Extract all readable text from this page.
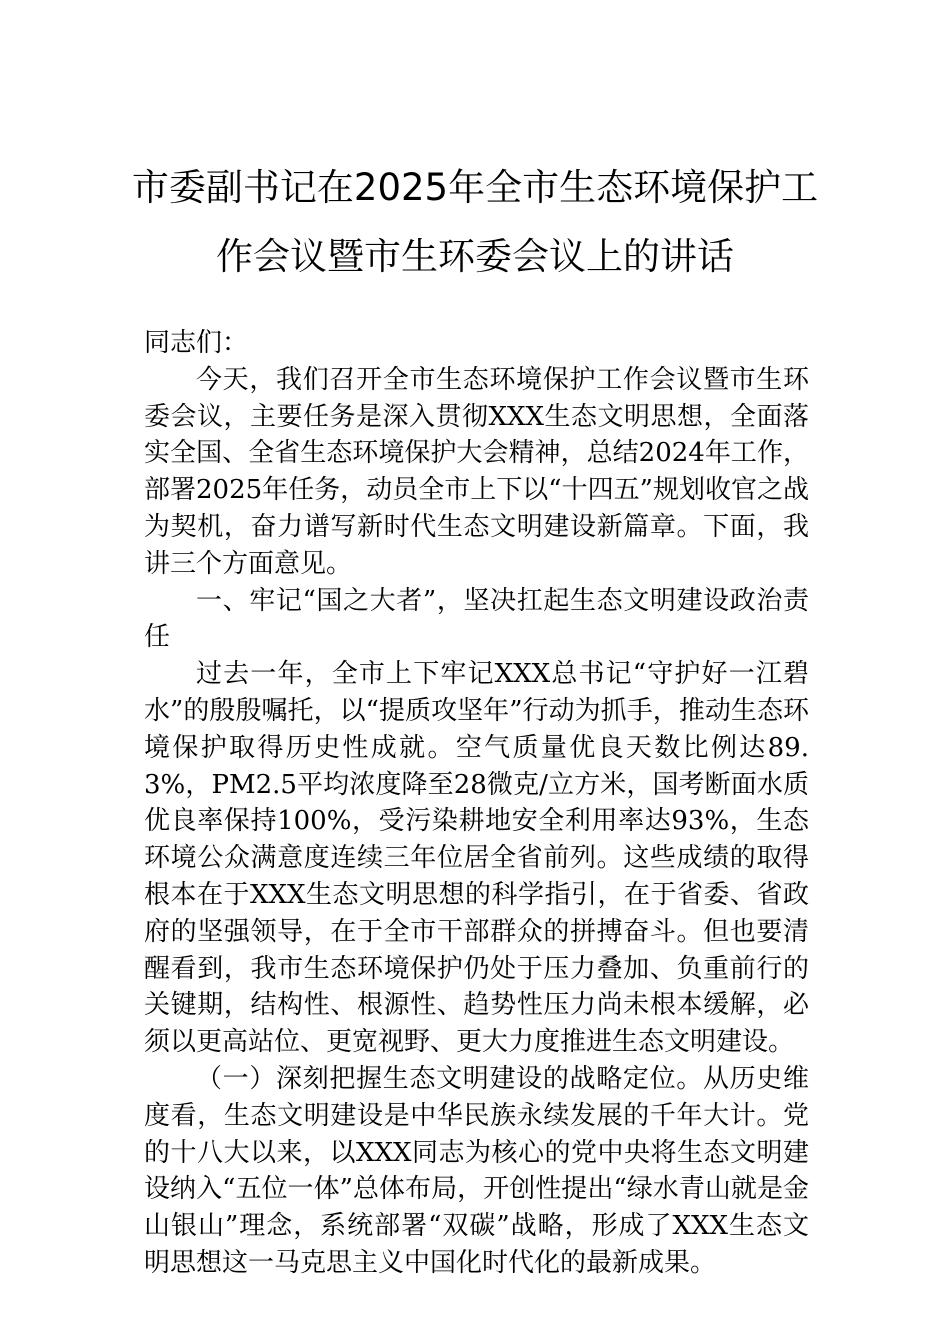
市委副书记在2025年全市生态环境保护工
作会议暨市生环委会议上的讲话

同志们：

今天，我们召开全市生态环境保护工作会议暨市生环委会议，主要任务是深入贯彻XXX生态文明思想，全面落实全国、全省生态环境保护大会精神，总结2024年工作，部署2025年任务，动员全市上下以“十四五”规划收官之战为契机，奋力谱写新时代生态文明建设新篇章。下面，我讲三个方面意见。

一、牢记“国之大者”，坚决扛起生态文明建设政治责任

过去一年，全市上下牢记XXX总书记“守护好一江碧水”的殷殷嘱托，以“提质攻坚年”行动为抓手，推动生态环境保护取得历史性成就。空气质量优良天数比例达89.3%，PM2.5平均浓度降至28微克/立方米，国考断面水质优良率保持100%，受污染耕地安全利用率达93%，生态环境公众满意度连续三年位居全省前列。这些成绩的取得根本在于XXX生态文明思想的科学指引，在于省委、省政府的坚强领导，在于全市干部群众的拼搏奋斗。但也要清醒看到，我市生态环境保护仍处于压力叠加、负重前行的关键期，结构性、根源性、趋势性压力尚未根本缓解，必须以更高站位、更宽视野、更大力度推进生态文明建设。

（一）深刻把握生态文明建设的战略定位。从历史维度看，生态文明建设是中华民族永续发展的千年大计。党的十八大以来，以XXX同志为核心的党中央将生态文明建设纳入“五位一体”总体布局，开创性提出“绿水青山就是金山银山”理念，系统部署“双碳”战略，形成了XXX生态文明思想这一马克思主义中国化时代化的最新成果。
